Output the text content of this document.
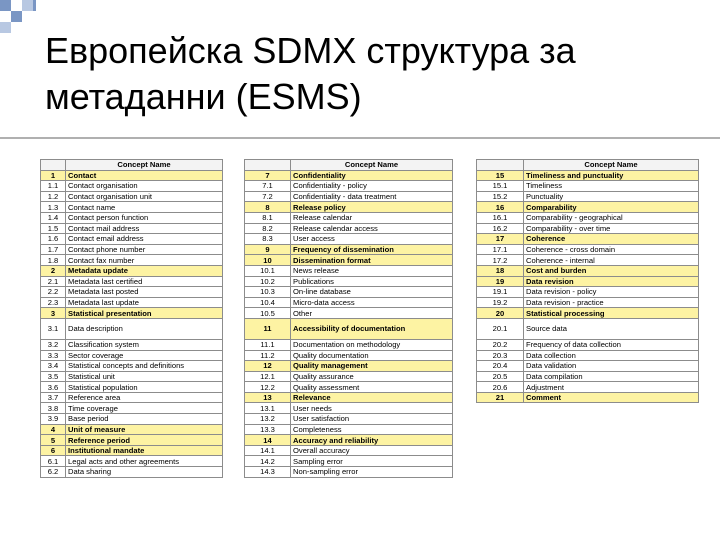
Европейска SDMX структура за
метаданни (ESMS)
	Concept Name
1	Contact
1.1	Contact organisation
1.2	Contact organisation unit
1.3	Contact name
1.4	Contact person function
1.5	Contact mail address
1.6	Contact email address
1.7	Contact phone number
1.8	Contact fax number
2	Metadata update
2.1	Metadata last certified
2.2	Metadata last posted
2.3	Metadata last update
3	Statistical presentation
3.1	Data description
3.2	Classification system
3.3	Sector coverage
3.4	Statistical concepts and definitions
3.5	Statistical unit
3.6	Statistical population
3.7	Reference area
3.8	Time coverage
3.9	Base period
4	Unit of measure
5	Reference period
6	Institutional mandate
6.1	Legal acts and other agreements
6.2	Data sharing
	Concept Name
7	Confidentiality
7.1	Confidentiality - policy
7.2	Confidentiality - data treatment
8	Release policy
8.1	Release calendar
8.2	Release calendar access
8.3	User access
9	Frequency of dissemination
10	Dissemination format
10.1	News release
10.2	Publications
10.3	On-line database
10.4	Micro-data access
10.5	Other
11	Accessibility of documentation
11.1	Documentation on methodology
11.2	Quality documentation
12	Quality management
12.1	Quality assurance
12.2	Quality assessment
13	Relevance
13.1	User needs
13.2	User satisfaction
13.3	Completeness
14	Accuracy and reliability
14.1	Overall accuracy
14.2	Sampling error
14.3	Non-sampling error
	Concept Name
15	Timeliness and punctuality
15.1	Timeliness
15.2	Punctuality
16	Comparability
16.1	Comparability - geographical
16.2	Comparability - over time
17	Coherence
17.1	Coherence - cross domain
17.2	Coherence - internal
18	Cost and burden
19	Data revision
19.1	Data revision - policy
19.2	Data revision - practice
20	Statistical processing
20.1	Source data
20.2	Frequency of data collection
20.3	Data collection
20.4	Data validation
20.5	Data compilation
20.6	Adjustment
21	Comment
